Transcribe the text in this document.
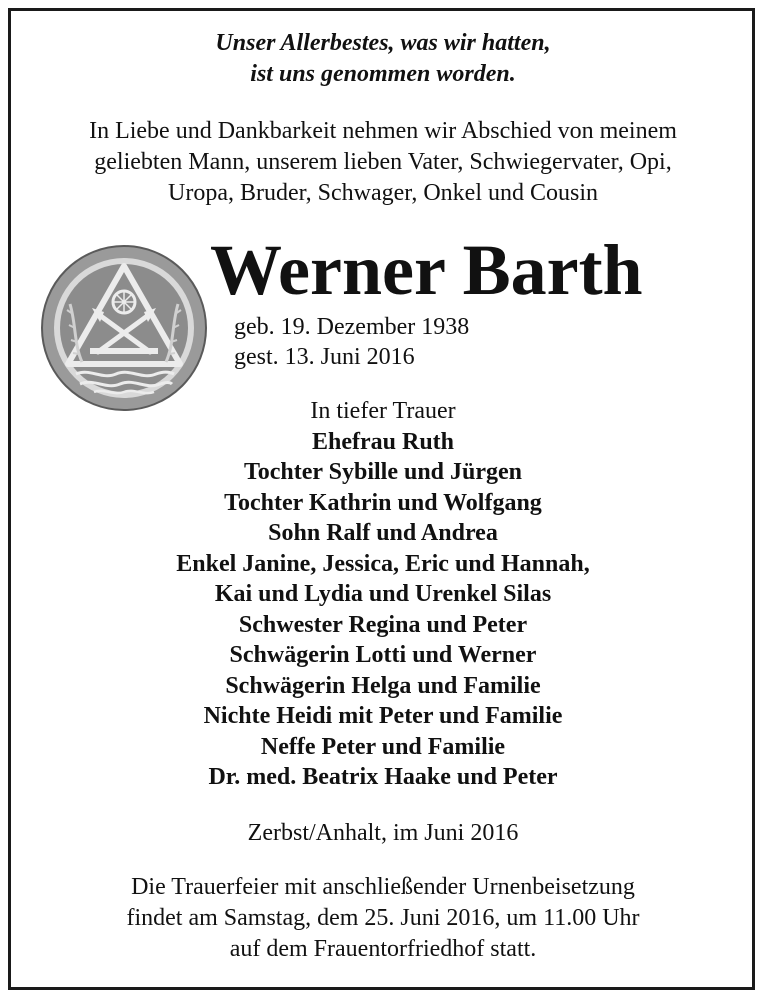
Unser Allerbestes, was wir hatten,
ist uns genommen worden.
In Liebe und Dankbarkeit nehmen wir Abschied von meinem
geliebten Mann, unserem lieben Vater, Schwiegervater, Opi,
Uropa, Bruder, Schwager, Onkel und Cousin
Werner Barth
geb. 19. Dezember 1938
gest. 13. Juni 2016
In tiefer Trauer
Ehefrau Ruth
Tochter Sybille und Jürgen
Tochter Kathrin und Wolfgang
Sohn Ralf und Andrea
Enkel Janine, Jessica, Eric und Hannah,
Kai und Lydia und Urenkel Silas
Schwester Regina und Peter
Schwägerin Lotti und Werner
Schwägerin Helga und Familie
Nichte Heidi mit Peter und Familie
Neffe Peter und Familie
Dr. med. Beatrix Haake und Peter
Zerbst/Anhalt, im Juni 2016
Die Trauerfeier mit anschließender Urnenbeisetzung
findet am Samstag, dem 25. Juni 2016, um 11.00 Uhr
auf dem Frauentorfriedhof statt.
